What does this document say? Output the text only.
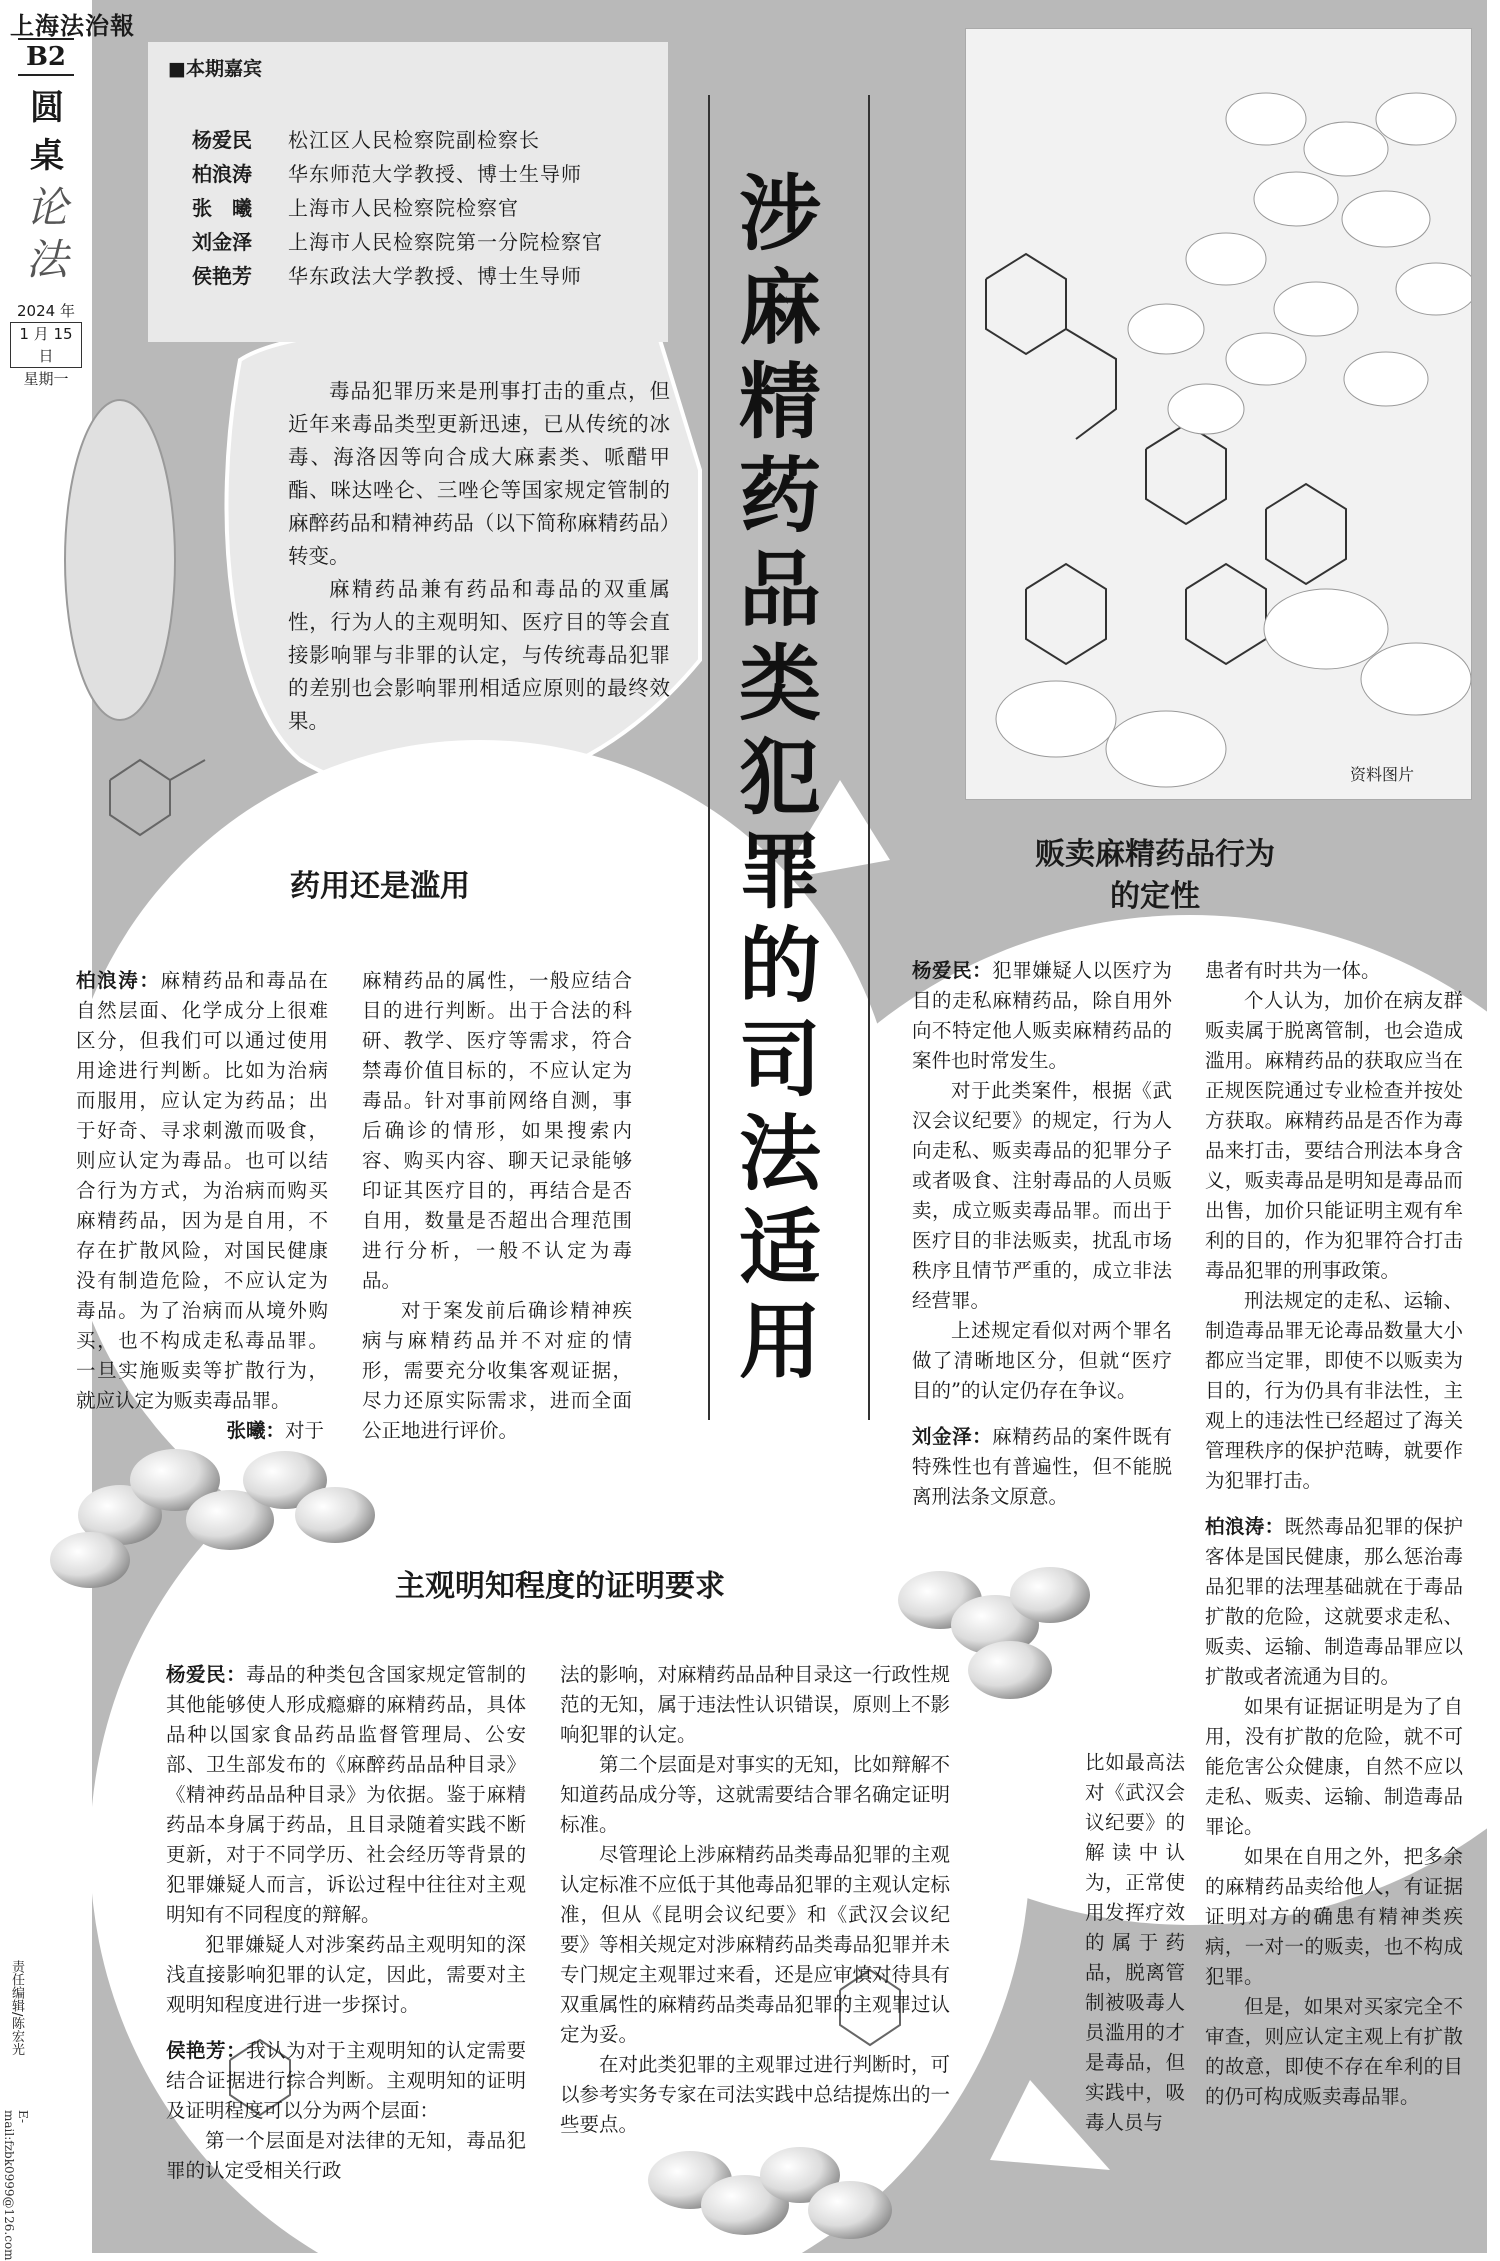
上海法治報
B2
圆
桌
论
法
2024 年
1 月 15 日
星期一
■本期嘉宾
杨爱民 松江区人民检察院副检察长
柏浪涛 华东师范大学教授、博士生导师
张　曦 上海市人民检察院检察官
刘金泽 上海市人民检察院第一分院检察官
侯艳芳 华东政法大学教授、博士生导师

毒品犯罪历来是刑事打击的重点，但近年来毒品类型更新迅速，已从传统的冰毒、海洛因等向合成大麻素类、哌醋甲酯、咪达唑仑、三唑仑等国家规定管制的麻醉药品和精神药品（以下简称麻精药品）转变。

麻精药品兼有药品和毒品的双重属性，行为人的主观明知、医疗目的等会直接影响罪与非罪的认定，与传统毒品犯罪的差别也会影响罪刑相适应原则的最终效果。

涉麻精药品类犯罪的司法适用
资料图片
药用还是滥用

柏浪涛：麻精药品和毒品在自然层面、化学成分上很难区分，但我们可以通过使用用途进行判断。比如为治病而服用，应认定为药品；出于好奇、寻求刺激而吸食，则应认定为毒品。也可以结合行为方式，为治病而购买麻精药品，因为是自用，不存在扩散风险，对国民健康没有制造危险，不应认定为毒品。为了治病而从境外购买，也不构成走私毒品罪。一旦实施贩卖等扩散行为，就应认定为贩卖毒品罪。

张曦：对于

麻精药品的属性，一般应结合目的进行判断。出于合法的科研、教学、医疗等需求，符合禁毒价值目标的，不应认定为毒品。针对事前网络自测，事后确诊的情形，如果搜索内容、购买内容、聊天记录能够印证其医疗目的，再结合是否自用，数量是否超出合理范围进行分析，一般不认定为毒品。

对于案发前后确诊精神疾病与麻精药品并不对症的情形，需要充分收集客观证据，尽力还原实际需求，进而全面公正地进行评价。

贩卖麻精药品行为
的定性

杨爱民：犯罪嫌疑人以医疗为目的走私麻精药品，除自用外向不特定他人贩卖麻精药品的案件也时常发生。

对于此类案件，根据《武汉会议纪要》的规定，行为人向走私、贩卖毒品的犯罪分子或者吸食、注射毒品的人员贩卖，成立贩卖毒品罪。而出于医疗目的非法贩卖，扰乱市场秩序且情节严重的，成立非法经营罪。

上述规定看似对两个罪名做了清晰地区分，但就“医疗目的”的认定仍存在争议。

刘金泽：麻精药品的案件既有特殊性也有普遍性，但不能脱离刑法条文原意。

患者有时共为一体。

个人认为，加价在病友群贩卖属于脱离管制，也会造成滥用。麻精药品的获取应当在正规医院通过专业检查并按处方获取。麻精药品是否作为毒品来打击，要结合刑法本身含义，贩卖毒品是明知是毒品而出售，加价只能证明主观有牟利的目的，作为犯罪符合打击毒品犯罪的刑事政策。

刑法规定的走私、运输、制造毒品罪无论毒品数量大小都应当定罪，即使不以贩卖为目的，行为仍具有非法性，主观上的违法性已经超过了海关管理秩序的保护范畴，就要作为犯罪打击。

柏浪涛：既然毒品犯罪的保护客体是国民健康，那么惩治毒品犯罪的法理基础就在于毒品扩散的危险，这就要求走私、贩卖、运输、制造毒品罪应以扩散或者流通为目的。

如果有证据证明是为了自用，没有扩散的危险，就不可能危害公众健康，自然不应以走私、贩卖、运输、制造毒品罪论。

如果在自用之外，把多余的麻精药品卖给他人，有证据证明对方的确患有精神类疾病，一对一的贩卖，也不构成犯罪。

但是，如果对买家完全不审查，则应认定主观上有扩散的故意，即使不存在牟利的目的仍可构成贩卖毒品罪。

比如最高法对《武汉会议纪要》的解读中认为，正常使用发挥疗效的属于药品，脱离管制被吸毒人员滥用的才是毒品，但实践中，吸毒人员与
主观明知程度的证明要求

杨爱民：毒品的种类包含国家规定管制的其他能够使人形成瘾癖的麻精药品，具体品种以国家食品药品监督管理局、公安部、卫生部发布的《麻醉药品品种目录》《精神药品品种目录》为依据。鉴于麻精药品本身属于药品，且目录随着实践不断更新，对于不同学历、社会经历等背景的犯罪嫌疑人而言，诉讼过程中往往对主观明知有不同程度的辩解。

犯罪嫌疑人对涉案药品主观明知的深浅直接影响犯罪的认定，因此，需要对主观明知程度进行进一步探讨。

侯艳芳：我认为对于主观明知的认定需要结合证据进行综合判断。主观明知的证明及证明程度可以分为两个层面：

第一个层面是对法律的无知，毒品犯罪的认定受相关行政

法的影响，对麻精药品品种目录这一行政性规范的无知，属于违法性认识错误，原则上不影响犯罪的认定。

第二个层面是对事实的无知，比如辩解不知道药品成分等，这就需要结合罪名确定证明标准。

尽管理论上涉麻精药品类毒品犯罪的主观认定标准不应低于其他毒品犯罪的主观认定标准，但从《昆明会议纪要》和《武汉会议纪要》等相关规定对涉麻精药品类毒品犯罪并未专门规定主观罪过来看，还是应审慎对待具有双重属性的麻精药品类毒品犯罪的主观罪过认定为妥。

在对此类犯罪的主观罪过进行判断时，可以参考实务专家在司法实践中总结提炼出的一些要点。

责任编辑/陈宏光
E-mail:fzbk0999@126.com
